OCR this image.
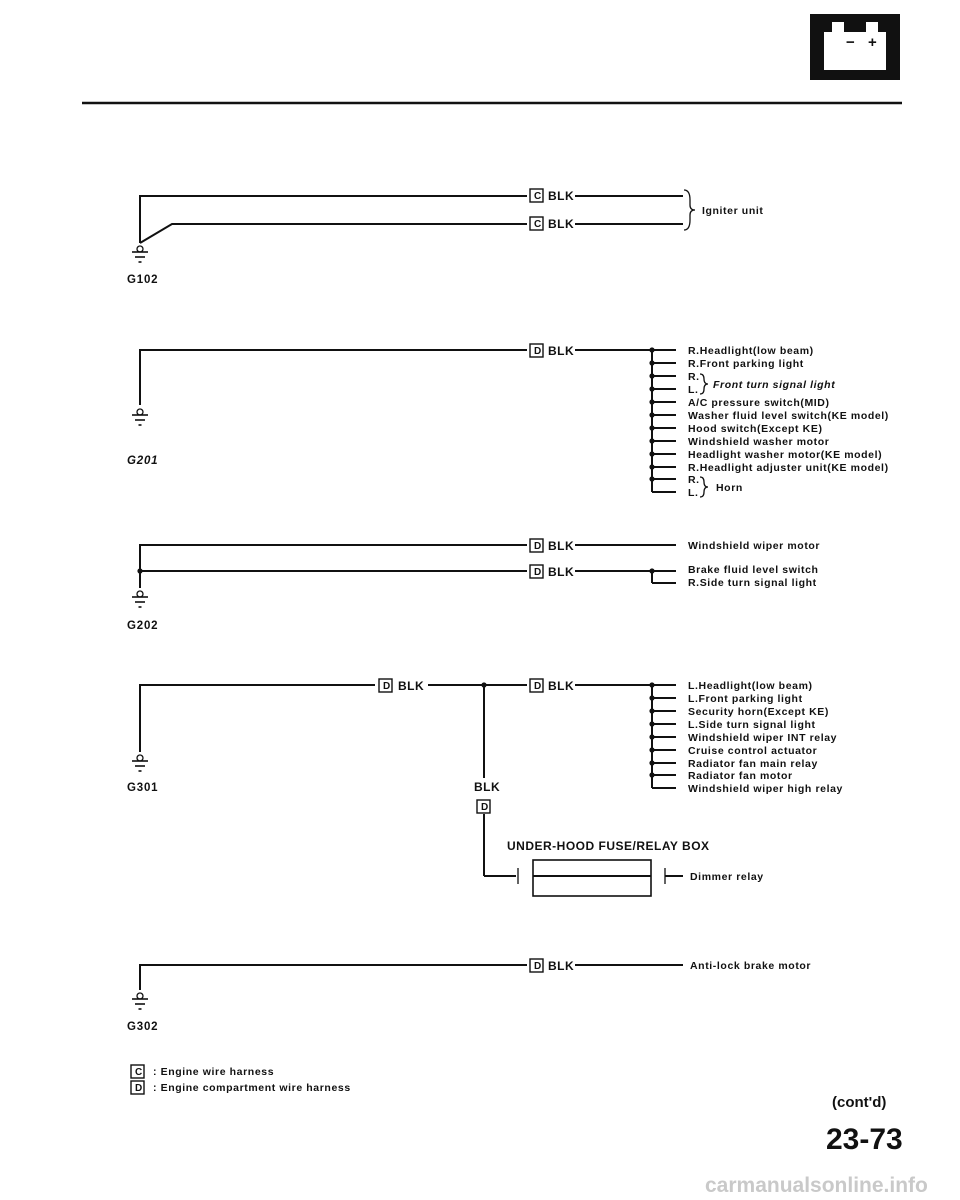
− +
C
C
BLK
BLK
Igniter unit
G102
D BLK	R.Headlight(low beam)
R.Front parking light
R.
L. Front turn signal light
A/C pressure switch(MID)
Washer fluid level switch(KE model)
Hood switch(Except KE)
Windshield washer motor
Headlight washer motor(KE model)
R.Headlight adjuster unit(KE model)
R.
L. Horn
G201
D
D
BLK
BLK
Windshield wiper motor
Brake fluid level switch
R.Side turn signal light
G202
D BLK
BLK
D
D BLK	L.Headlight(low beam)
L.Front parking light
Security horn(Except KE)
L.Side turn signal light
Windshield wiper INT relay
Cruise control actuator
Radiator fan main relay
Radiator fan motor
Windshield wiper high relay
UNDER-HOOD FUSE/RELAY BOX
Dimmer relay
G301
D BLK	Anti-lock brake motor
G302
C : Engine wire harness
D : Engine compartment wire harness
(cont'd)
23-73
carmanualsonline.info
